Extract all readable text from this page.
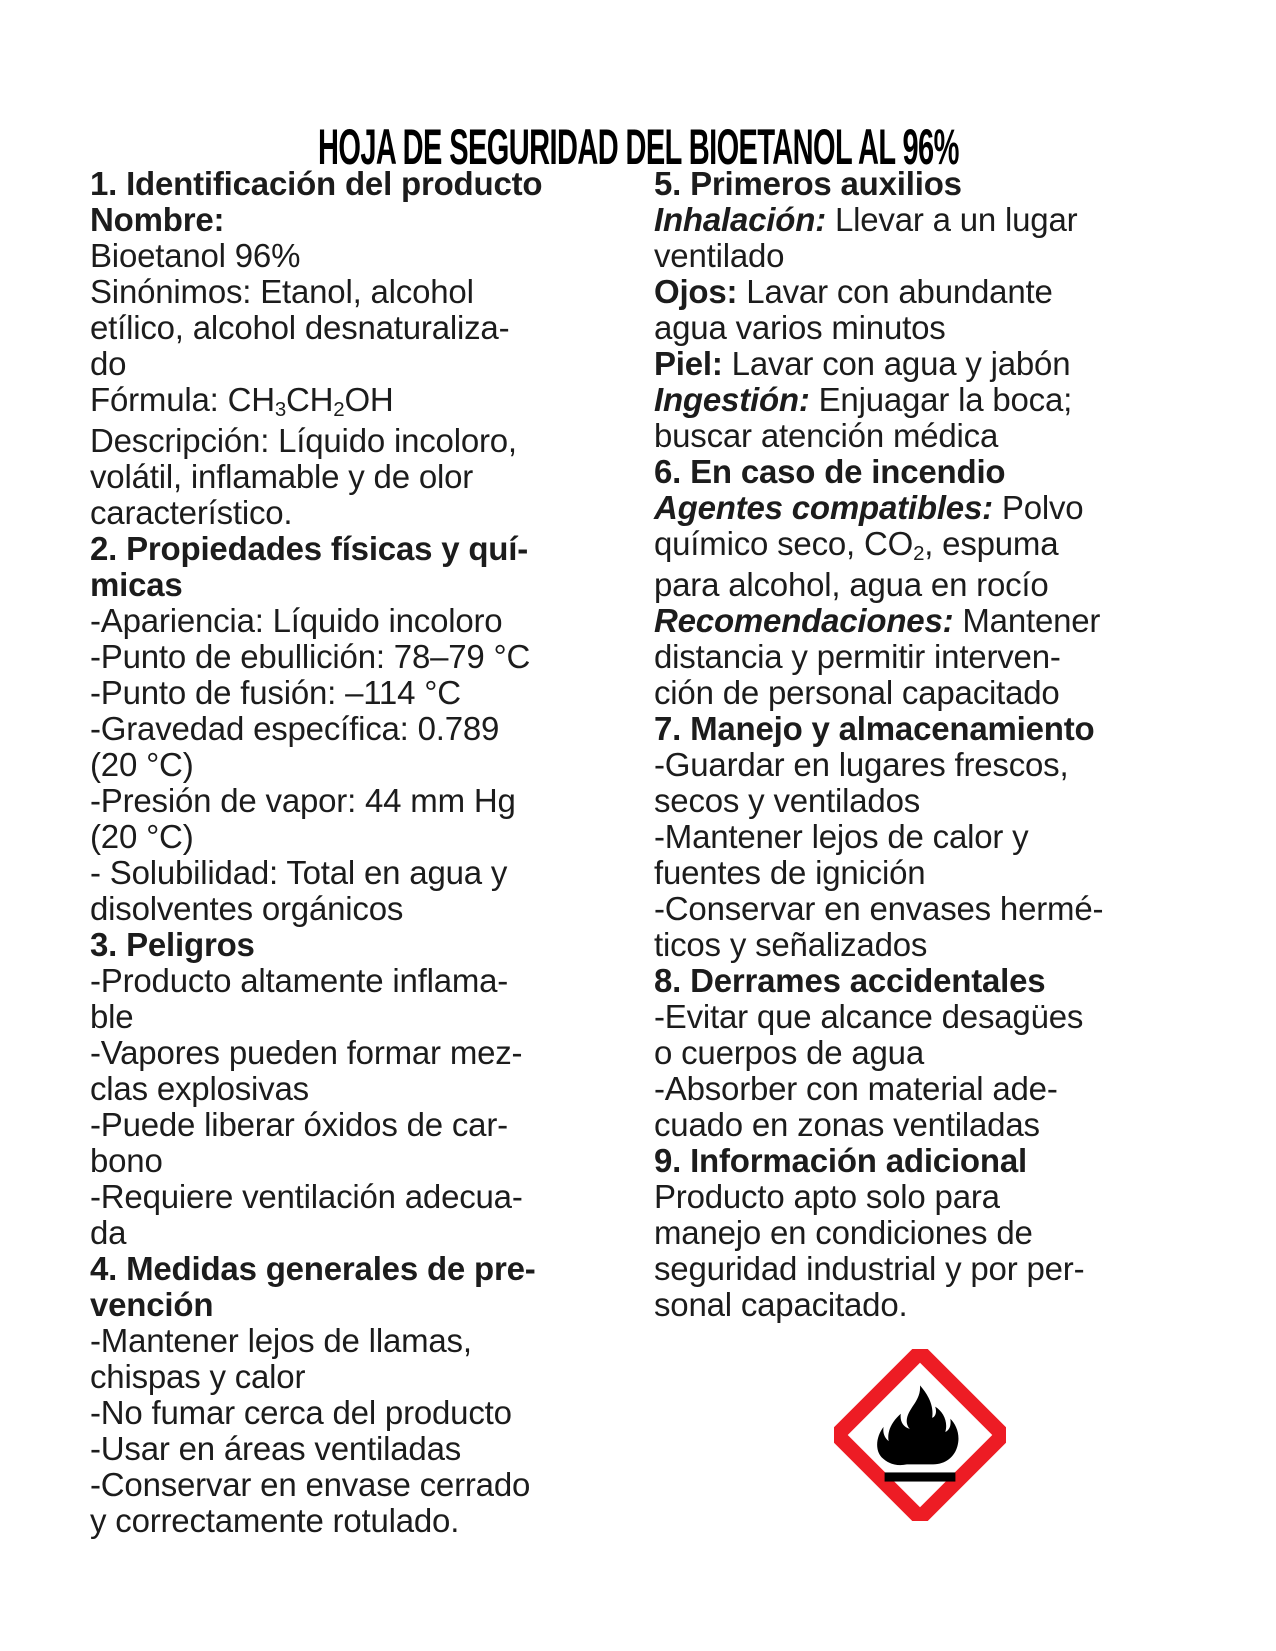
HOJA DE SEGURIDAD DEL BIOETANOL AL 96%
1. Identificación del producto
Nombre:
Bioetanol 96%
Sinónimos: Etanol, alcohol
etílico, alcohol desnaturaliza-
do
Fórmula: CH3CH2OH
Descripción: Líquido incoloro,
volátil, inflamable y de olor
característico.
2. Propiedades físicas y quí-
micas
-Apariencia: Líquido incoloro
-Punto de ebullición: 78–79 °C
-Punto de fusión: –114 °C
-Gravedad específica: 0.789
(20 °C)
-Presión de vapor: 44 mm Hg
(20 °C)
- Solubilidad: Total en agua y
disolventes orgánicos
3. Peligros
-Producto altamente inflama-
ble
-Vapores pueden formar mez-
clas explosivas
-Puede liberar óxidos de car-
bono
-Requiere ventilación adecua-
da
4. Medidas generales de pre-
vención
-Mantener lejos de llamas,
chispas y calor
-No fumar cerca del producto
-Usar en áreas ventiladas
-Conservar en envase cerrado
y correctamente rotulado.
5. Primeros auxilios
Inhalación: Llevar a un lugar
ventilado
Ojos: Lavar con abundante
agua varios minutos
Piel: Lavar con agua y jabón
Ingestión: Enjuagar la boca;
buscar atención médica
6. En caso de incendio
Agentes compatibles: Polvo
químico seco, CO2, espuma
para alcohol, agua en rocío
Recomendaciones: Mantener
distancia y permitir interven-
ción de personal capacitado
7. Manejo y almacenamiento
-Guardar en lugares frescos,
secos y ventilados
-Mantener lejos de calor y
fuentes de ignición
-Conservar en envases hermé-
ticos y señalizados
8. Derrames accidentales
-Evitar que alcance desagües
o cuerpos de agua
-Absorber con material ade-
cuado en zonas ventiladas
9. Información adicional
Producto apto solo para
manejo en condiciones de
seguridad industrial y por per-
sonal capacitado.
